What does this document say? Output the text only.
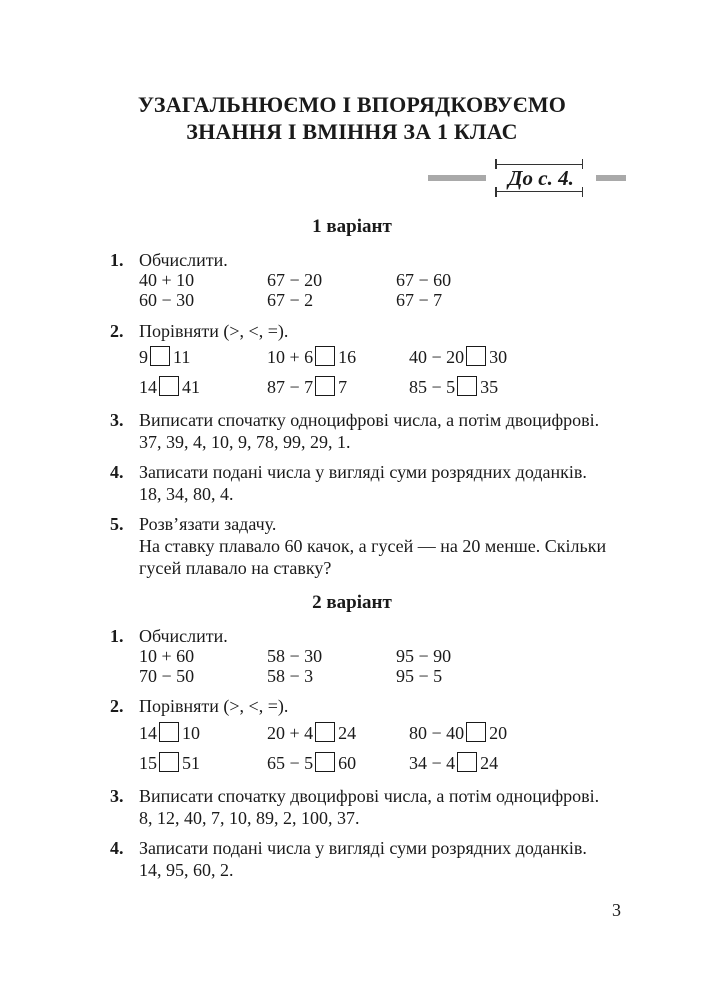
УЗАГАЛЬНЮЄМО І ВПОРЯДКОВУЄМО
ЗНАННЯ І ВМІННЯ ЗА 1 КЛАС
До с. 4.
1 варіант
1. Обчислити.
40 + 10	67 − 20	67 − 60
60 − 30	67 − 2	67 − 7
2. Порівняти (>, <, =).
9 11	10 + 6 16	40 − 20 30
14 41	87 − 7 7	85 − 5 35
3. Виписати спочатку одноцифрові числа, а потім двоцифрові.
37, 39, 4, 10, 9, 78, 99, 29, 1.
4. Записати подані числа у вигляді суми розрядних доданків.
18, 34, 80, 4.
5. Розв’язати задачу.
На ставку плавало 60 качок, а гусей — на 20 менше. Скільки
гусей плавало на ставку?
2 варіант
1. Обчислити.
10 + 60	58 − 30	95 − 90
70 − 50	58 − 3	95 − 5
2. Порівняти (>, <, =).
14 10	20 + 4 24	80 − 40 20
15 51	65 − 5 60	34 − 4 24
3. Виписати спочатку двоцифрові числа, а потім одноцифрові.
8, 12, 40, 7, 10, 89, 2, 100, 37.
4. Записати подані числа у вигляді суми розрядних доданків.
14, 95, 60, 2.
3
